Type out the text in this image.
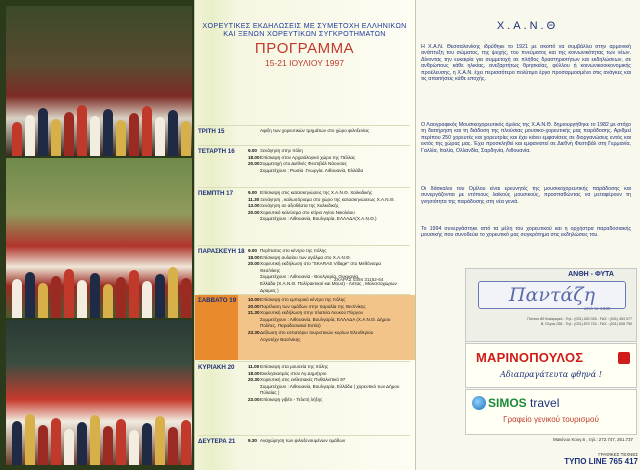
ΧΟΡΕΥΤΙΚΕΣ ΕΚΔΗΛΩΣΕΙΣ ΜΕ ΣΥΜΕΤΟΧΗ ΕΛΛΗΝΙΚΩΝ
ΚΑΙ ΞΕΝΩΝ ΧΟΡΕΥΤΙΚΩΝ ΣΥΓΚΡΟΤΗΜΑΤΩΝ
ΠΡΟΓΡΑΜΜΑ
15-21 ΙΟΥΛΙΟΥ 1997
ΤΡΙΤΗ 15	Αφιξη των χορευτικών τμημάτων στο χώρο φιλοξενίας
ΤΕΤΑΡΤΗ 16	9.00 Ξενάγηση στην πόλη
18.00Επίσκεψη στον Αρχαιόλογικό χώρο της Πέλλας
20.00Συμμετοχή στο Διεθνές Φεστιβάλ Νάουσας
Συμμετέχουν : Ρωσία .Γεωργία. Λιθουανία, Ελλάδα
ΠΕΜΠΤΗ 17	9.00 Επίσκεψη στις κατασκηνώσεις της Χ.Α.Ν.Θ. Χαλκιδικής
11.30Ξενάγηση , καλωσόρισμα στο χώρο της κατασκηνώσεως Χ.Α.Ν.Θ.
13.00Ξενάγηση σε αξιοθέατα της Χαλκιδικής
20.00Χορευτικό κελεύσμα στο κτίριο Αγίου Νικολάου
Συμμετέχουν : Λιθουανία, Βουλγαρία, ΕΛΛΑΔΑ(Χ.Α.Ν.Θ.)
ΠΑΡΑΣΚΕΥΗ 18 9.00 Περίπατος στο κέντρο της πόλης
18.00Επίσκεψη αυλαίου των αγάλμα στο Χ.Α.Ν.Θ.
20.00Χορευτική εκδήλωση στο "SKARAS Village" στο Μεθόνισμα
Θεσ/νίκης
Συμμετέχουν : Λιθουανία - Βουλγαρία, Ουκρανία,
Ελλάδα (Χ.Α.Ν.Θ. Πολ/ρακτικοί και Μουσ) - Λιττας , Μελισσοχώρων
Δραμας )
ΣΑΒΒΑΤΟ 19	10.00Επίσκεψη στο εμπορικό κέντρο της πόλης
20.00Παρέλαση των ομάδων στην παραλία της Θεσ/νίκης
21.30Χορευτική εκδήλωση στην πλατεία Λευκού Πύργου
Συμμετέχουν : Λιθουανία, Βουλγαρία, ΕΛΛΑΔΑ (Χ.Α.Ν.Θ. Δήμου
Πολίτες, Παραδοσιακοί Εστία)
23.30Δεξίωση στο εστιατόριο τουριστικών κυρίων Ελευθερίου
Λογοτέχν Βασ/νίκης
ΚΥΡΙΑΚΗ 20	11.00Επίσκεψη στα μουσεία της πόλης
18.00Εκκλησιασμός στον Αγ.Δημήτριο
20.30Χορευτική στις εκθεσιακές Πυθαλιστικό 97
Συμμετέχουν : Λιθουανία, Βουλγαρία, Ελλάδα ( χορευτικό των Δήμου
Πύλαίας )
23.00Επίσκεψη γιβέτι - Τελετή λήξης
ΔΕΥΤΕΡΑ 21	9.30 Αναχώρηση των φιλοξενουμένων ομάδων
ΣΚΑΡΑΣ 0394 31162-64
Χ.Α.Ν.Θ
Η Χ.Α.Ν. Θεσσαλονίκης ιδρύθηκε το 1921 με σκοπό να συμβάλλει στην αρμονική ανάπτυξη του σώματος, της ψυχής, του πνεύματος και της κοινωνικότητας των νέων. Δίνοντας την ευκαιρία για συμμετοχή σε πλήθος δραστηριοτήτων και εκδηλώσεων, σε ανθρώπους κάθε ηλικίας, ανεξαρτήτως θρησκείας, φύλλου ή κοινωνικοοικονομικής προέλευσης, η Χ.Α.Ν. έχει περισσότερο πολύτιμο έργο προσαρμοσμένο στις ανάγκες και τις απαιτήσεις κάθε εποχής.
Ο Λαογραφικός Μουσικοχορευτικός όμιλος της Χ.Α.Ν.Θ. δημιουργήθηκε το 1982 με στόχο τη διατήρηση και τη διάδοση της πλούσιας μουσικο-χορευτικής μας παράδοσης. Αριθμεί περίπου 250 χορευτές και χορευτρίες και έχει κάνει εμφανίσεις σε διοργανώσεις εντός και εκτός της χώρας μας. Έχει προσκληθεί και εμφανιστεί σε Διεθνή Φεστιβάλ στη Γερμανία, Γαλλία, Ιταλία, Ολλανδία, Σαρδηνία, Λιθουανία.
Οι δάσκαλοι του Ομίλου είναι ερευνητές της μουσικοχορευτικής παράδοσης και συνεργάζονται με ντόπιους λαϊκούς μουσικούς, προσπαθώντας να μεταφέρουν τη γνησιότητα της παράδοσης στη νέα γενιά.
Το 1994 συνεργάστηκε από τα μέλη του χορευτικού και η ορχήστρα παραδοσιακής μουσικής που συνοδεύει το χορευτικό μας συγκρότημα στις εκδηλώσεις του.
ΑΝΘΗ - ΦΥΤΑ
Παντάζη
από το 1939
Πόντου 80 Καλαμαριά - Τηλ.: (031) 452 025 - FAX : (031) 453 077
Β. Όλγας 256 - Τηλ.: (031) 870 743 - FAX : (031) 828 790
ΜΑΡΙΝΟΠΟΥΛΟΣ
Αδιαπραγάτευτα φθηνά !
SIMOS travel
Γραφείο γενικού τουρισμού
Μακένου Κουγ.6 , τηλ.: 272.747, 261.737
ΓΡΑΦΙΚΕΣ ΤΕΧΝΕΣ
ΤΥΠΟ LINE 765 417
